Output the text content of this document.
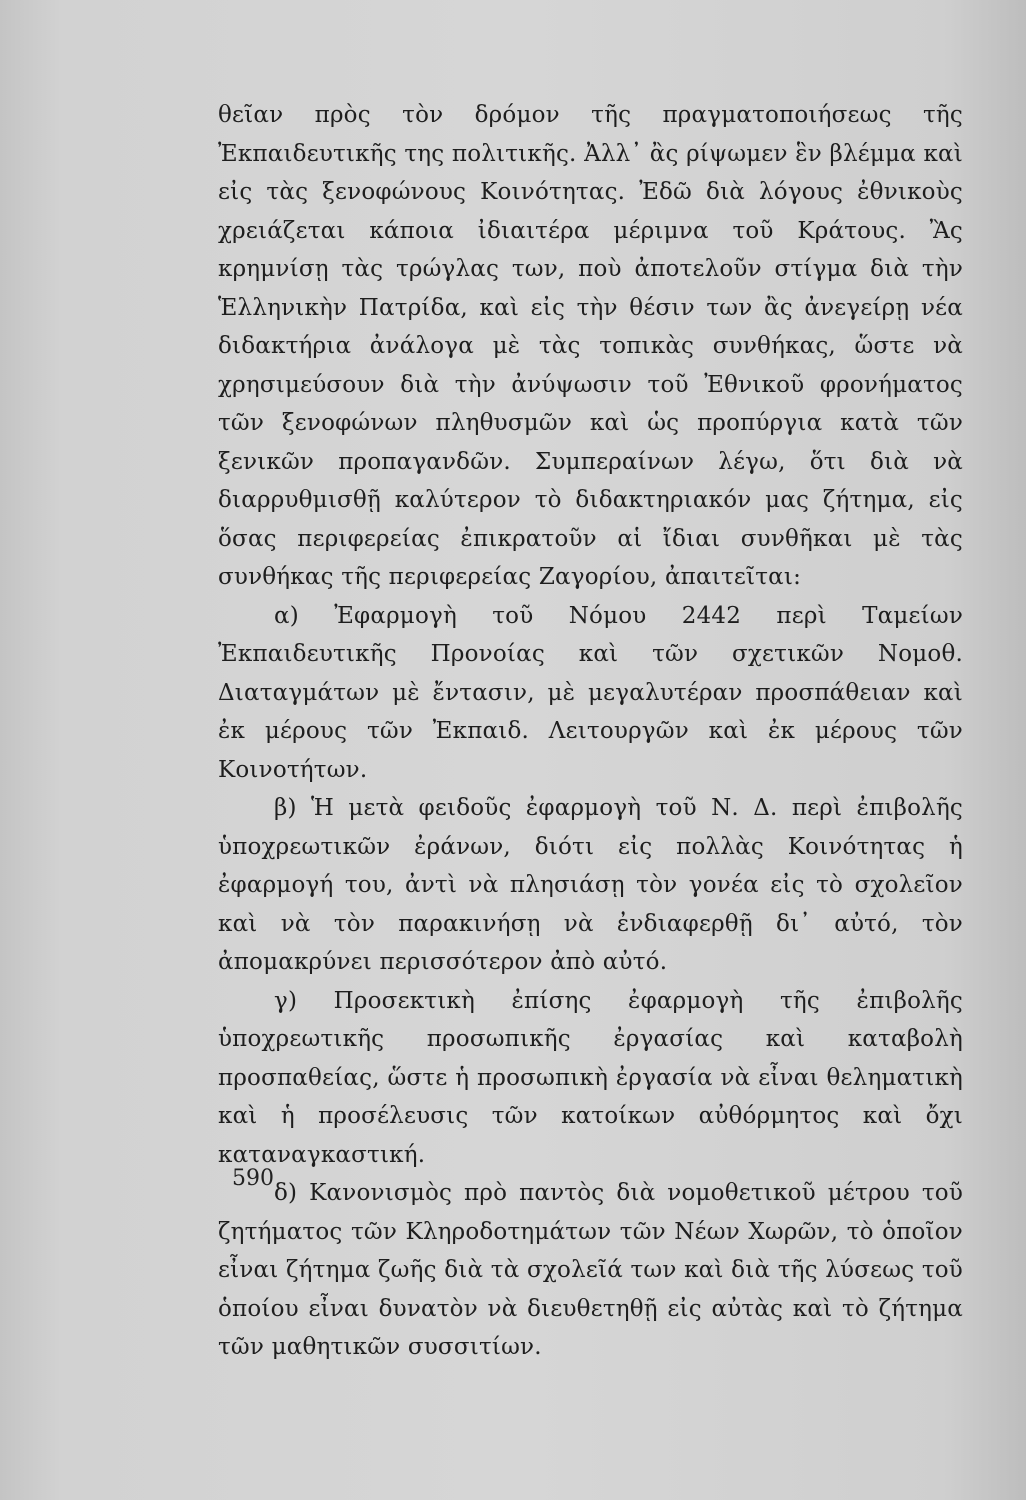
θεῖαν πρὸς τὸν δρόμον τῆς πραγματοποιήσεως τῆς Ἐκπαιδευτικῆς της πολιτικῆς. Ἀλλ᾿ ἂς ρίψωμεν ἓν βλέμμα καὶ εἰς τὰς ξενοφώνους Κοινότητας. Ἐδῶ διὰ λόγους ἐθνικοὺς χρειάζεται κάποια ἰδιαιτέρα μέριμνα τοῦ Κράτους. Ἂς κρημνίσῃ τὰς τρώγλας των, ποὺ ἀποτελοῦν στίγμα διὰ τὴν Ἑλληνικὴν Πατρίδα, καὶ εἰς τὴν θέσιν των ἂς ἀνεγείρῃ νέα διδακτήρια ἀνάλογα μὲ τὰς τοπικὰς συνθήκας, ὥστε νὰ χρησιμεύσουν διὰ τὴν ἀνύψωσιν τοῦ Ἐθνικοῦ φρονήματος τῶν ξενοφώνων πληθυσμῶν καὶ ὡς προπύργια κατὰ τῶν ξενικῶν προπαγανδῶν. Συμπεραίνων λέγω, ὅτι διὰ νὰ διαρρυθμισθῇ καλύτερον τὸ διδακτηριακόν μας ζήτημα, εἰς ὅσας περιφερείας ἐπικρατοῦν αἱ ἴδιαι συνθῆκαι μὲ τὰς συνθήκας τῆς περιφερείας Ζαγορίου, ἀπαιτεῖται:

α) Ἐφαρμογὴ τοῦ Νόμου 2442 περὶ Ταμείων Ἐκπαιδευτικῆς Προνοίας καὶ τῶν σχετικῶν Νομοθ. Διαταγμάτων μὲ ἔντασιν, μὲ μεγαλυτέραν προσπάθειαν καὶ ἐκ μέρους τῶν Ἐκπαιδ. Λειτουργῶν καὶ ἐκ μέρους τῶν Κοινοτήτων.

β) Ἡ μετὰ φειδοῦς ἐφαρμογὴ τοῦ Ν. Δ. περὶ ἐπιβολῆς ὑποχρεωτικῶν ἐράνων, διότι εἰς πολλὰς Κοινότητας ἡ ἐφαρμογή του, ἀντὶ νὰ πλησιάσῃ τὸν γονέα εἰς τὸ σχολεῖον καὶ νὰ τὸν παρακινήσῃ νὰ ἐνδιαφερθῇ δι᾿ αὐτό, τὸν ἀπομακρύνει περισσότερον ἀπὸ αὐτό.

γ) Προσεκτικὴ ἐπίσης ἐφαρμογὴ τῆς ἐπιβολῆς ὑποχρεωτικῆς προσωπικῆς ἐργασίας καὶ καταβολὴ προσπαθείας, ὥστε ἡ προσωπικὴ ἐργασία νὰ εἶναι θεληματικὴ καὶ ἡ προσέλευσις τῶν κατοίκων αὐθόρμητος καὶ ὄχι καταναγκαστική.

δ) Κανονισμὸς πρὸ παντὸς διὰ νομοθετικοῦ μέτρου τοῦ ζητήματος τῶν Κληροδοτημάτων τῶν Νέων Χωρῶν, τὸ ὁποῖον εἶναι ζήτημα ζωῆς διὰ τὰ σχολεῖά των καὶ διὰ τῆς λύσεως τοῦ ὁποίου εἶναι δυνατὸν νὰ διευθετηθῇ εἰς αὐτὰς καὶ τὸ ζήτημα τῶν μαθητικῶν συσσιτίων.

590
